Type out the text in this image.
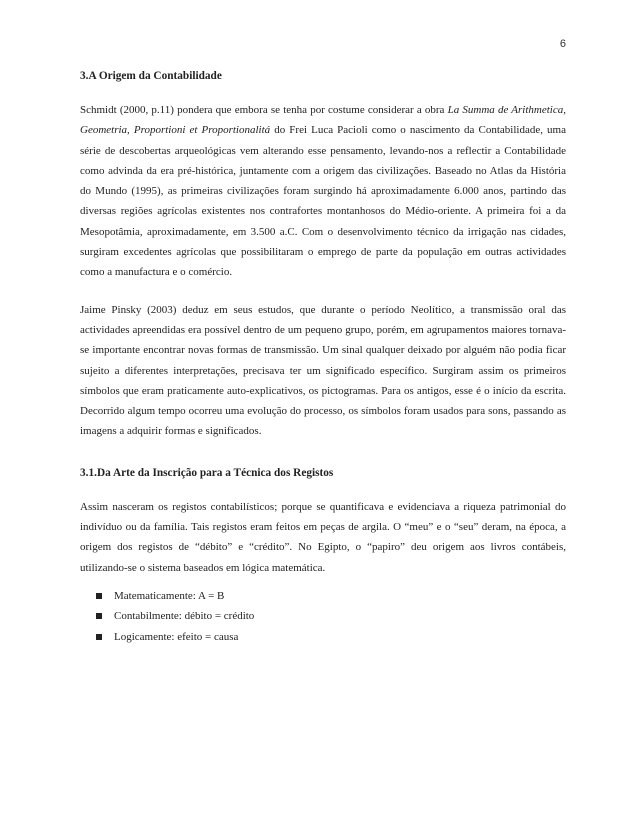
6
3.A Origem da Contabilidade

Schmidt (2000, p.11) pondera que embora se tenha por costume considerar a obra La Summa de Arithmetica, Geometria, Proportioni et Proportionalitá do Frei Luca Pacioli como o nascimento da Contabilidade, uma série de descobertas arqueológicas vem alterando esse pensamento, levando-nos a reflectir a Contabilidade como advinda da era pré-histórica, juntamente com a origem das civilizações. Baseado no Atlas da História do Mundo (1995), as primeiras civilizações foram surgindo há aproximadamente 6.000 anos, partindo das diversas regiões agrícolas existentes nos contrafortes montanhosos do Médio-oriente. A primeira foi a da Mesopotâmia, aproximadamente, em 3.500 a.C. Com o desenvolvimento técnico da irrigação nas cidades, surgiram excedentes agrícolas que possibilitaram o emprego de parte da população em outras actividades como a manufactura e o comércio.

Jaime Pinsky (2003) deduz em seus estudos, que durante o período Neolítico, a transmissão oral das actividades apreendidas era possível dentro de um pequeno grupo, porém, em agrupamentos maiores tornava-se importante encontrar novas formas de transmissão. Um sinal qualquer deixado por alguém não podia ficar sujeito a diferentes interpretações, precisava ter um significado específico. Surgiram assim os primeiros símbolos que eram praticamente auto-explicativos, os pictogramas. Para os antigos, esse é o início da escrita. Decorrido algum tempo ocorreu uma evolução do processo, os símbolos foram usados para sons, passando as imagens a adquirir formas e significados.

3.1.Da Arte da Inscrição para a Técnica dos Registos

Assim nasceram os registos contabilísticos; porque se quantificava e evidenciava a riqueza patrimonial do indivíduo ou da família. Tais registos eram feitos em peças de argila. O “meu” e o “seu” deram, na época, a origem dos registos de “débito” e “crédito”. No Egipto, o “papiro” deu origem aos livros contábeis, utilizando-se o sistema baseados em lógica matemática.

Matematicamente: A = B
Contabilmente: débito = crédito
Logicamente: efeito = causa
